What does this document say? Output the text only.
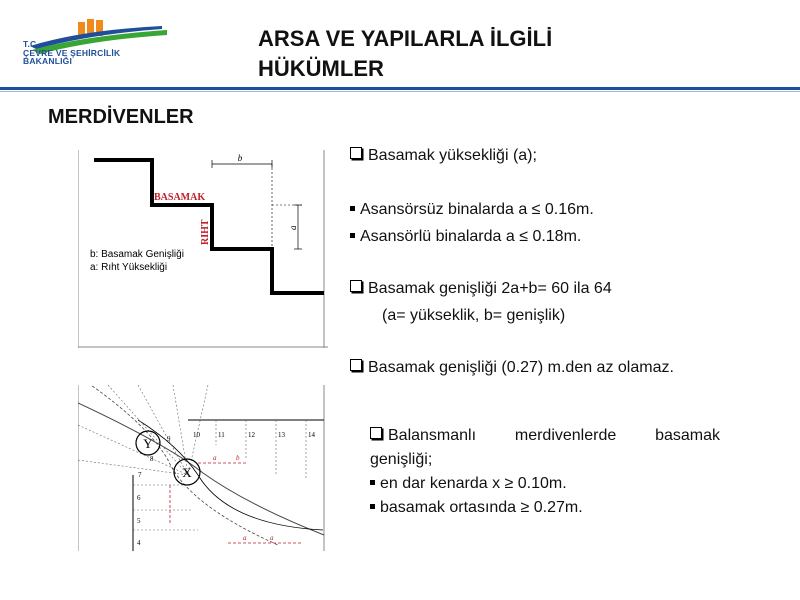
T.C.
ÇEVRE VE ŞEHİRCİLİK
BAKANLIĞI
ARSA VE YAPILARLA İLGİLİ
HÜKÜMLER
MERDİVENLER
b
BASAMAK
RIHT	a
b: Basamak Genişliği
a: Rıht Yüksekliği
Y
X
10	11	12	13	14
9
8
7
6
5
4
a	b
a	a
Basamak yüksekliği (a);
Asansörsüz binalarda a ≤ 0.16m.
Asansörlü binalarda a ≤ 0.18m.
Basamak genişliği 2a+b= 60 ila 64
(a= yükseklik, b= genişlik)
Basamak genişliği (0.27) m.den az olamaz.
Balansmanlı merdivenlerde basamak
genişliği;
en dar kenarda x ≥ 0.10m.
basamak ortasında ≥ 0.27m.
